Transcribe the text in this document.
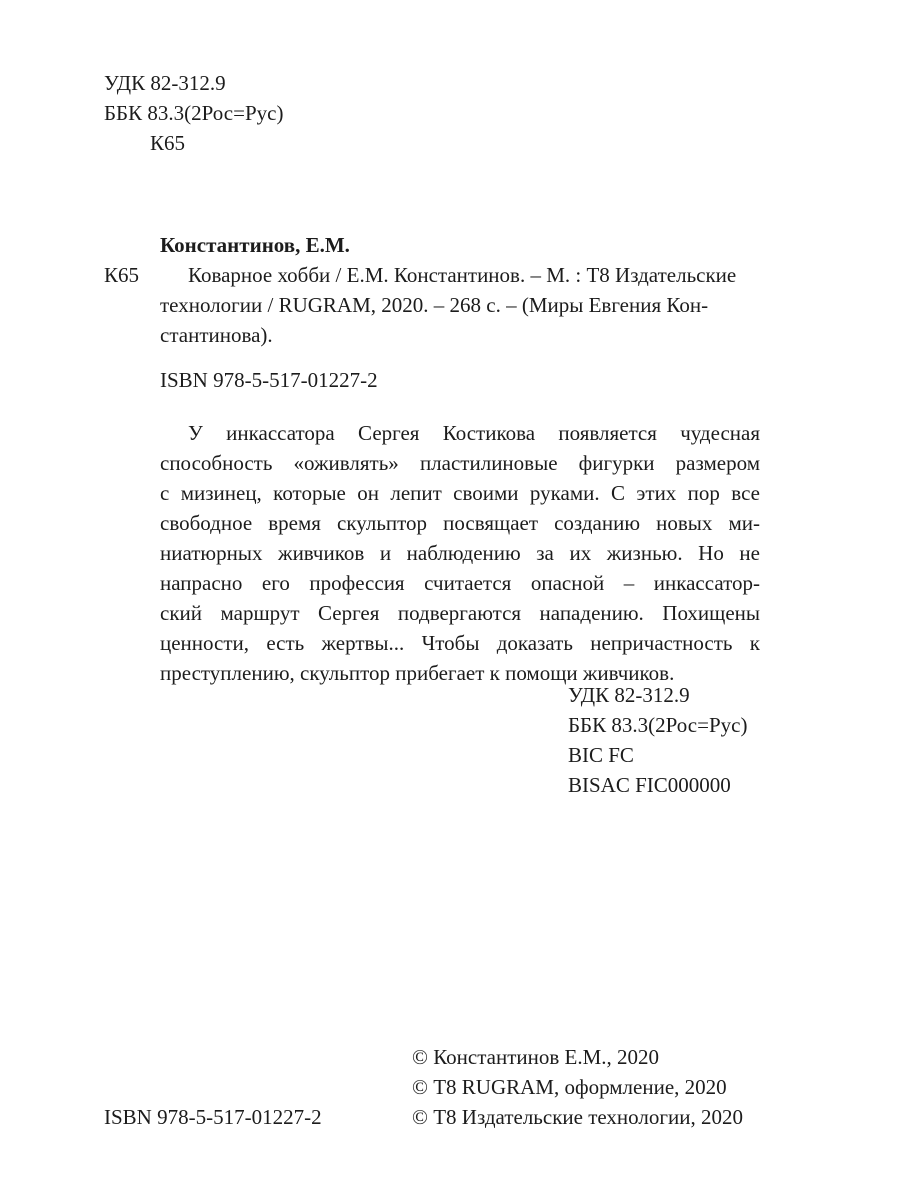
УДК 82-312.9
ББК 83.3(2Рос=Рус)
К65
Константинов, Е.М.
К65	Коварное хобби / Е.М. Константинов. – М. : Т8 Издательские
технологии / RUGRAM, 2020. – 268 с. – (Миры Евгения Кон-
стантинова).
ISBN 978-5-517-01227-2
У инкассатора Сергея Костикова появляется чудесная
способность «оживлять» пластилиновые фигурки размером
с мизинец, которые он лепит своими руками. С этих пор все
свободное время скульптор посвящает созданию новых ми-
ниатюрных живчиков и наблюдению за их жизнью. Но не
напрасно его профессия считается опасной – инкассатор-
ский маршрут Сергея подвергаются нападению. Похищены
ценности, есть жертвы... Чтобы доказать непричастность к
преступлению, скульптор прибегает к помощи живчиков.
УДК 82-312.9
ББК 83.3(2Рос=Рус)
BIC FC
BISAC FIC000000
ISBN 978-5-517-01227-2
© Константинов Е.М., 2020
© Т8 RUGRAM, оформление, 2020
© Т8 Издательские технологии, 2020
